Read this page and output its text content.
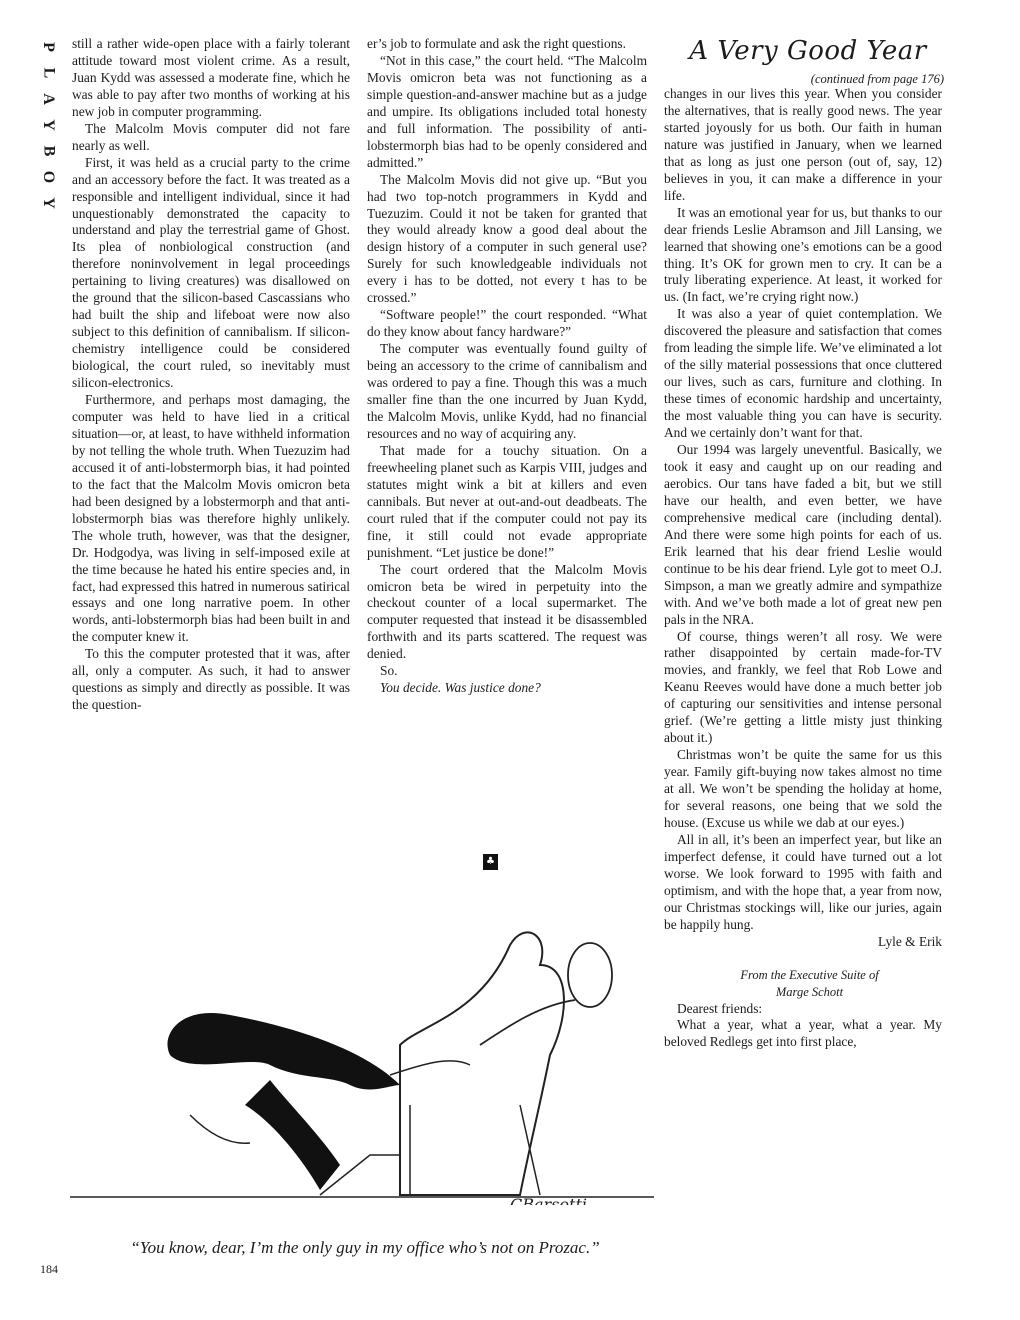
P
L
A
Y
B
O
Y

still a rather wide-open place with a fairly tolerant attitude toward most violent crime. As a result, Juan Kydd was assessed a moderate fine, which he was able to pay after two months of working at his new job in computer programming.

The Malcolm Movis computer did not fare nearly as well.

First, it was held as a crucial party to the crime and an accessory before the fact. It was treated as a responsible and intelligent individual, since it had unquestionably demonstrated the capacity to understand and play the terrestrial game of Ghost. Its plea of nonbiological construction (and therefore noninvolvement in legal proceedings pertaining to living creatures) was disallowed on the ground that the silicon-based Cascassians who had built the ship and lifeboat were now also subject to this definition of cannibalism. If silicon-chemistry intelligence could be considered biological, the court ruled, so inevitably must silicon-electronics.

Furthermore, and perhaps most damaging, the computer was held to have lied in a critical situation—or, at least, to have withheld information by not telling the whole truth. When Tuezuzim had accused it of anti-lobstermorph bias, it had pointed to the fact that the Malcolm Movis omicron beta had been designed by a lobstermorph and that anti-lobstermorph bias was therefore highly unlikely. The whole truth, however, was that the designer, Dr. Hodgodya, was living in self-imposed exile at the time because he hated his entire species and, in fact, had expressed this hatred in numerous satirical essays and one long narrative poem. In other words, anti-lobstermorph bias had been built in and the computer knew it.

To this the computer protested that it was, after all, only a computer. As such, it had to answer questions as simply and directly as possible. It was the question-

er’s job to formulate and ask the right questions.

“Not in this case,” the court held. “The Malcolm Movis omicron beta was not functioning as a simple question-and-answer machine but as a judge and umpire. Its obligations included total honesty and full information. The possibility of anti-lobstermorph bias had to be openly considered and admitted.”

The Malcolm Movis did not give up. “But you had two top-notch programmers in Kydd and Tuezuzim. Could it not be taken for granted that they would already know a good deal about the design history of a computer in such general use? Surely for such knowledgeable individuals not every i has to be dotted, not every t has to be crossed.”

“Software people!” the court responded. “What do they know about fancy hardware?”

The computer was eventually found guilty of being an accessory to the crime of cannibalism and was ordered to pay a fine. Though this was a much smaller fine than the one incurred by Juan Kydd, the Malcolm Movis, unlike Kydd, had no financial resources and no way of acquiring any.

That made for a touchy situation. On a freewheeling planet such as Karpis VIII, judges and statutes might wink a bit at killers and even cannibals. But never at out-and-out deadbeats. The court ruled that if the computer could not pay its fine, it still could not evade appropriate punishment. “Let justice be done!”

The court ordered that the Malcolm Movis omicron beta be wired in perpetuity into the checkout counter of a local supermarket. The computer requested that instead it be disassembled forthwith and its parts scattered. The request was denied.

So.

You decide. Was justice done?

♣
A Very Good Year
(continued from page 176)

changes in our lives this year. When you consider the alternatives, that is really good news. The year started joyously for us both. Our faith in human nature was justified in January, when we learned that as long as just one person (out of, say, 12) believes in you, it can make a difference in your life.

It was an emotional year for us, but thanks to our dear friends Leslie Abramson and Jill Lansing, we learned that showing one’s emotions can be a good thing. It’s OK for grown men to cry. It can be a truly liberating experience. At least, it worked for us. (In fact, we’re crying right now.)

It was also a year of quiet contemplation. We discovered the pleasure and satisfaction that comes from leading the simple life. We’ve eliminated a lot of the silly material possessions that once cluttered our lives, such as cars, furniture and clothing. In these times of economic hardship and uncertainty, the most valuable thing you can have is security. And we certainly don’t want for that.

Our 1994 was largely uneventful. Basically, we took it easy and caught up on our reading and aerobics. Our tans have faded a bit, but we still have our health, and even better, we have comprehensive medical care (including dental). And there were some high points for each of us. Erik learned that his dear friend Leslie would continue to be his dear friend. Lyle got to meet O.J. Simpson, a man we greatly admire and sympathize with. And we’ve both made a lot of great new pen pals in the NRA.

Of course, things weren’t all rosy. We were rather disappointed by certain made-for-TV movies, and frankly, we feel that Rob Lowe and Keanu Reeves would have done a much better job of capturing our sensitivities and intense personal grief. (We’re getting a little misty just thinking about it.)

Christmas won’t be quite the same for us this year. Family gift-buying now takes almost no time at all. We won’t be spending the holiday at home, for several reasons, one being that we sold the house. (Excuse us while we dab at our eyes.)

All in all, it’s been an imperfect year, but like an imperfect defense, it could have turned out a lot worse. We look forward to 1995 with faith and optimism, and with the hope that, a year from now, our Christmas stockings will, like our juries, again be happily hung.

Lyle & Erik

From the Executive Suite of

Marge Schott

Dearest friends:

What a year, what a year, what a year. My beloved Redlegs get into first place,

CBarsotti
“You know, dear, I’m the only guy in my office who’s not on Prozac.”
184
